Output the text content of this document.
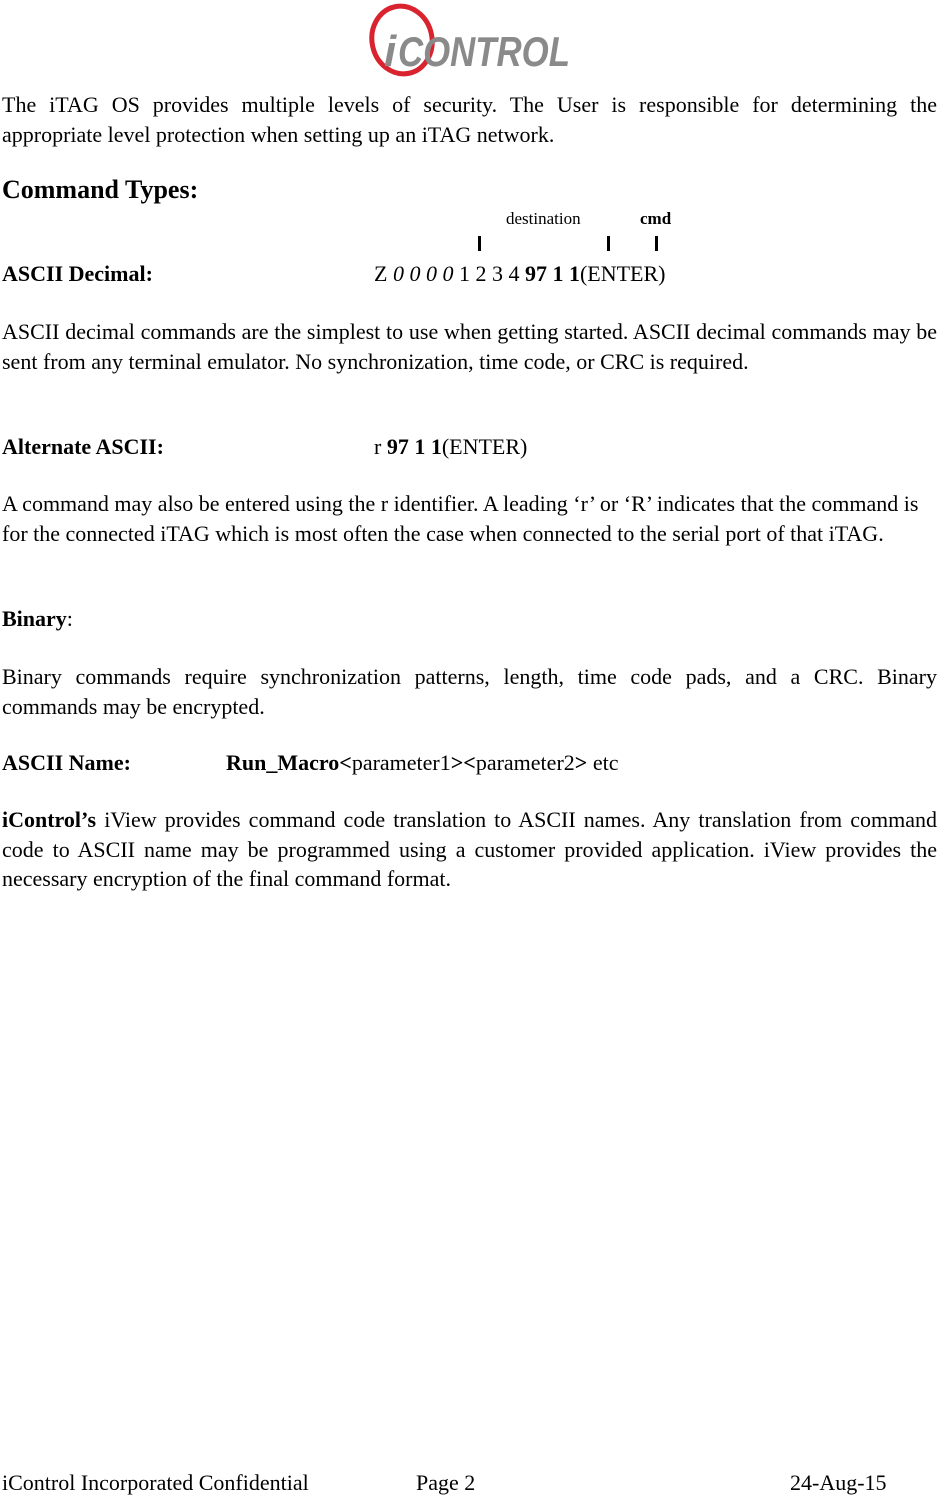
i CONTROL

The iTAG OS provides multiple levels of security. The User is responsible for determining the appropriate level protection when setting up an iTAG network.

Command Types:
destination	cmd
ASCII Decimal:	Z 0 0 0 0 1 2 3 4 97 1 1(ENTER)

ASCII decimal commands are the simplest to use when getting started. ASCII decimal commands may be sent from any terminal emulator. No synchronization, time code, or CRC is required.

Alternate ASCII:	r 97 1 1(ENTER)

A command may also be entered using the r identifier. A leading ‘r’ or ‘R’ indicates that the command is for the connected iTAG which is most often the case when connected to the serial port of that iTAG.

Binary:

Binary commands require synchronization patterns, length, time code pads, and a CRC. Binary commands may be encrypted.

ASCII Name:	Run_Macro<parameter1><parameter2> etc

iControl’s iView provides command code translation to ASCII names. Any translation from command code to ASCII name may be programmed using a customer provided application. iView provides the necessary encryption of the final command format.

iControl Incorporated Confidential	Page 2	24-Aug-15
